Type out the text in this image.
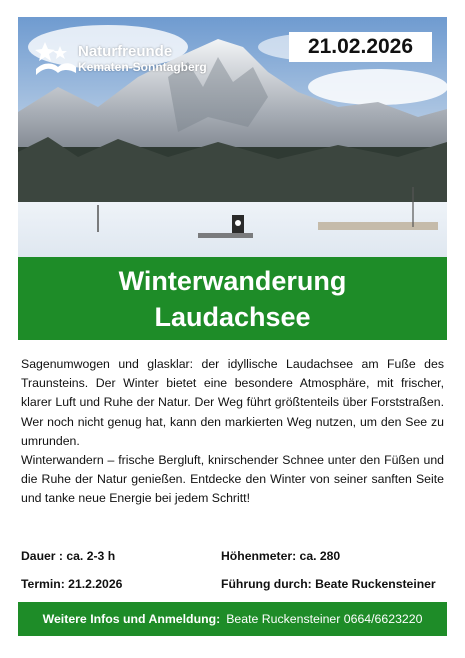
Naturfreunde
Kematen-Sonntagberg
21.02.2026
Winterwanderung
Laudachsee

Sagenumwogen und glasklar: der idyllische Laudachsee am Fuße des Traunsteins. Der Winter bietet eine besondere Atmosphäre, mit frischer, klarer Luft und Ruhe der Natur. Der Weg führt größtenteils über Forststraßen. Wer noch nicht genug hat, kann den markierten Weg nutzen, um den See zu umrunden.

Winterwandern – frische Bergluft, knirschender Schnee unter den Füßen und die Ruhe der Natur genießen. Entdecke den Winter von seiner sanften Seite und tanke neue Energie bei jedem Schritt!

Dauer : ca. 2-3 h	Höhenmeter: ca. 280
Termin: 21.2.2026	Führung durch: Beate Ruckensteiner
Weitere Infos und Anmeldung: Beate Ruckensteiner 0664/6623220
